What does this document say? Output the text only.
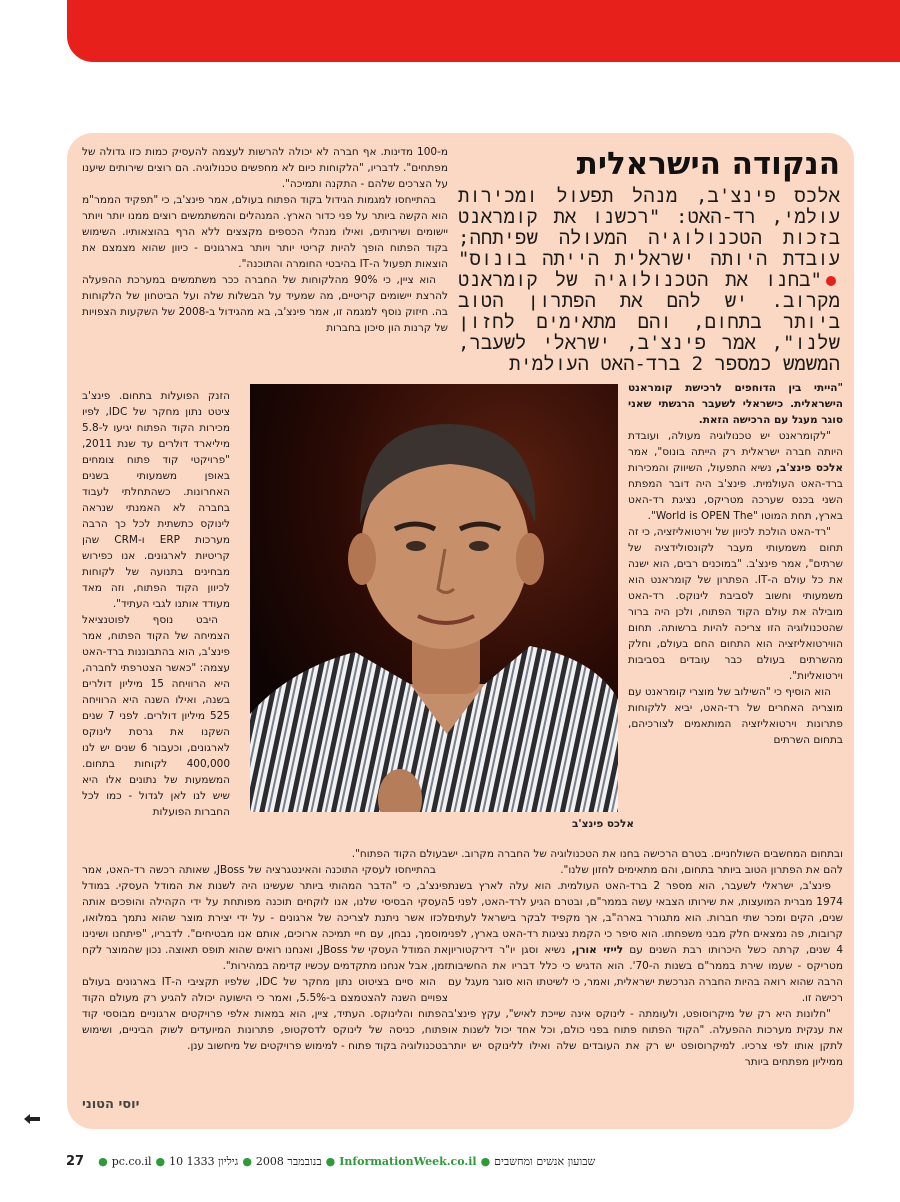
הנקודה הישראלית

אלכס פינצ'ב, מנהל תפעול ומכירות עולמי, רד-האט: "רכשנו את קומראנט בזכות הטכנולוגיה המעולה שפיתחה; עובדת היותה ישראלית הייתה בונוס""בחנו את הטכנולוגיה של קומראנט מקרוב. יש להם את הפתרון הטוב ביותר בתחום, והם מתאימים לחזון שלנו", אמר פינצ'ב, ישראלי לשעבר, המשמש כמספר 2 ברד-האט העולמית

"הייתי בין הדוחפים לרכישת קומראנט הישראלית. כישראלי לשעבר הרגשתי שאני סוגר מעגל עם הרכישה הזאת.

"לקומראנט יש טכנולוגיה מעולה, ועובדת היותה חברה ישראלית רק הייתה בונוס", אמר אלכס פינצ'ב, נשיא התפעול, השיווק והמכירות ברד-האט העולמית. פינצ'ב היה דובר המפתח השני בכנס שערכה מטריקס, נציגת רד-האט בארץ, תחת המוטו "World is OPEN The".

"רד-האט הולכת לכיוון של וירטואליזציה, כי זה תחום משמעותי מעבר לקונסולידציה של שרתים", אמר פינצ'ב. "במוכנים רבים, הוא ישנה את כל עולם ה-IT. הפתרון של קומראנט הוא משמעותי וחשוב לסביבת לינוקס. רד-האט מובילה את עולם הקוד הפתוח, ולכן היה ברור שהטכנולוגיה הזו צריכה להיות ברשותה. תחום הווירטואליזציה הוא התחום החם בעולם, וחלק מהשרתים בעולם כבר עובדים בסביבות וירטואליות".

הוא הוסיף כי "השילוב של מוצרי קומראנט עם מוצריה האחרים של רד-האט, יביא ללקוחות פתרונות וירטואליזציה המותאמים לצורכיהם, בתחום השרתים

מ-100 מדינות. אף חברה לא יכולה להרשות לעצמה להעסיק כמות כזו גדולה של מפתחים". לדבריו, "הלקוחות כיום לא מחפשים טכנולוגיה. הם רוצים שירותים שיענו על הצרכים שלהם - התקנה ותמיכה".

בהתייחסו למגמות הגידול בקוד הפתוח בעולם, אמר פינצ'ב, כי "תפקיד הממר"מ הוא הקשה ביותר על פני כדור הארץ. המנהלים והמשתמשים רוצים ממנו יותר ויותר יישומים ושירותים, ואילו מנהלי הכספים מקצצים ללא הרף בהוצאותיו. השימוש בקוד הפתוח הופך להיות קריטי יותר ויותר בארגונים - כיוון שהוא מצמצם את הוצאות תפעול ה-IT בהיבטי החומרה והתוכנה".

הוא ציין, כי 90% מהלקוחות של החברה ככר משתמשים במערכת ההפעלה להרצת יישומים קריטיים, מה שמעיד על הבשלות שלה ועל הביטחון של הלקוחות בה. חיזוק נוסף למגמה זו, אמר פינצ'ב, בא מהגידול ב-2008 של השקעות הצפויות של קרנות הון סיכון בחברות

הזנק הפועלות בתחום. פינצ'ב ציטט נתון מחקר של IDC, לפיו מכירות הקוד הפתוח יגיעו ל-5.8 מיליארד דולרים עד שנת 2011, "פרויקטי קוד פתוח צומחים באופן משמעותי בשנים האחרונות. כשהתחלתי לעבוד בחברה לא האמנתי שנראה לינוקס כתשתית לכל כך הרבה מערכות ERP ו-CRM שהן קריטיות לארגונים. אנו כפירוש מבחינים בתנועה של לקוחות לכיוון הקוד הפתוח, וזה מאד מעודד אותנו לגבי העתיד".

היבט נוסף לפוטנציאל הצמיחה של הקוד הפתוח, אמר פינצ'ב, הוא בהתבוננות ברד-האט עצמה: "כאשר הצטרפתי לחברה, היא הרוויחה 15 מיליון דולרים בשנה, ואילו השנה היא הרוויחה 525 מיליון דולרים. לפני 7 שנים השקנו את גרסת לינוקס לארגונים, וכעבור 6 שנים יש לנו 400,000 לקוחות בתחום. המשמעות של נתונים אלו היא שיש לנו לאן לגדול - כמו לכל החברות הפועלות

אלכס פינצ'ב

ובתחום המחשבים השולחניים. בטרם הרכישה בחנו את הטכנולוגיה של החברה מקרוב. יש להם את הפתרון הטוב ביותר בתחום, והם מתאימים לחזון שלנו".

פינצ'ב, ישראלי לשעבר, הוא מספר 2 ברד-האט העולמית. הוא עלה לארץ בשנת 1974 מברית המועצות, את שירותו הצבאי עשה בממר"ם, ובטרם הגיע לרד-האט, לפני 5 שנים, הקים ומכר שתי חברות. הוא מתגורר בארה"ב, אך מקפיד לבקר בישראל לעתים קרובות, פה נמצאים חלק מבני משפחתו. הוא סיפר כי הקמת נציגות רד-האט בארץ, לפני 4 שנים, קרתה כשל היכרותו רבת השנים עם לייזי אורן, נשיא וסגן יו"ר דירקטוריון מטריקס - שעמו שירת בממר"ם בשנות ה-70'. הוא הדגיש כי כלל דבריו את החשיבות הרבה שהוא רואה בהיות החברה הנרכשת ישראלית, ואמר, כי לשיטתו הוא סוגר מעגל עם רכישה זו.

"חלונות היא רק של מיקרוסופט, ולעומתה - לינוקס אינה שייכת לאיש", עקץ פינצ'ב את ענקית מערכות ההפעלה. "הקוד הפתוח פתוח בפני כולם, וכל אחד יכול לשנות או לתקן אותו לפי צרכיו. למיקרוסופט יש רק את העובדים שלה ואילו ללינוקס יש יותר ממיליון מפתחים ביותר

בעולם הקוד הפתוח".

בהתייחסו לעסקי התוכנה והאינטגרציה של JBoss, שאותה רכשה רד-האט, אמר פינצ'ב, כי "הדבר המהותי ביותר שעשינו היה לשנות את המודל העסקי. במודל העסקי הבסיסי שלנו, אנו לוקחים תוכנה מפותחת על ידי הקהילה והופכים אותה לכזו אשר ניתנת לצריכה של ארגונים - על ידי יצירת מוצר שהוא נתמך במלואו, מוסמך, נבחן, עם חיי תמיכה ארוכים, אותם אנו מבטיחים". לדבריו, "פיתחנו ושינינו את המודל העסקי של JBoss, ואנחנו רואים שהוא תופס תאוצה. נכון שהמוצר לקח זמן, אבל אנחנו מתקדמים עכשיו קדימה במהירות".

הוא סיים בציטוט נתון מחקר של IDC, שלפיו תקציבי ה-IT בארגונים בעולם צפויים השנה להצטמצם ב-5.5%, ואמר כי הישועה יכולה להגיע רק מעולם הקוד הפתוח והלינוקס. העתיד, ציין, הוא במאות אלפי פרויקטים ארגוניים מבוססי קוד פתוח, כניסה של לינוקס לדסקטופ, פתרונות המיועדים לשוק הביניים, ושימוש בטכנולוגיה בקוד פתוח - למימוש פרויקטים של מיחשוב ענן.

יוסי הטוני

27 ● pc.co.il ● 10 בנובמבר 2008●גיליון 1333	● InformationWeek.co.il ● שבועון אנשים ומחשבים
